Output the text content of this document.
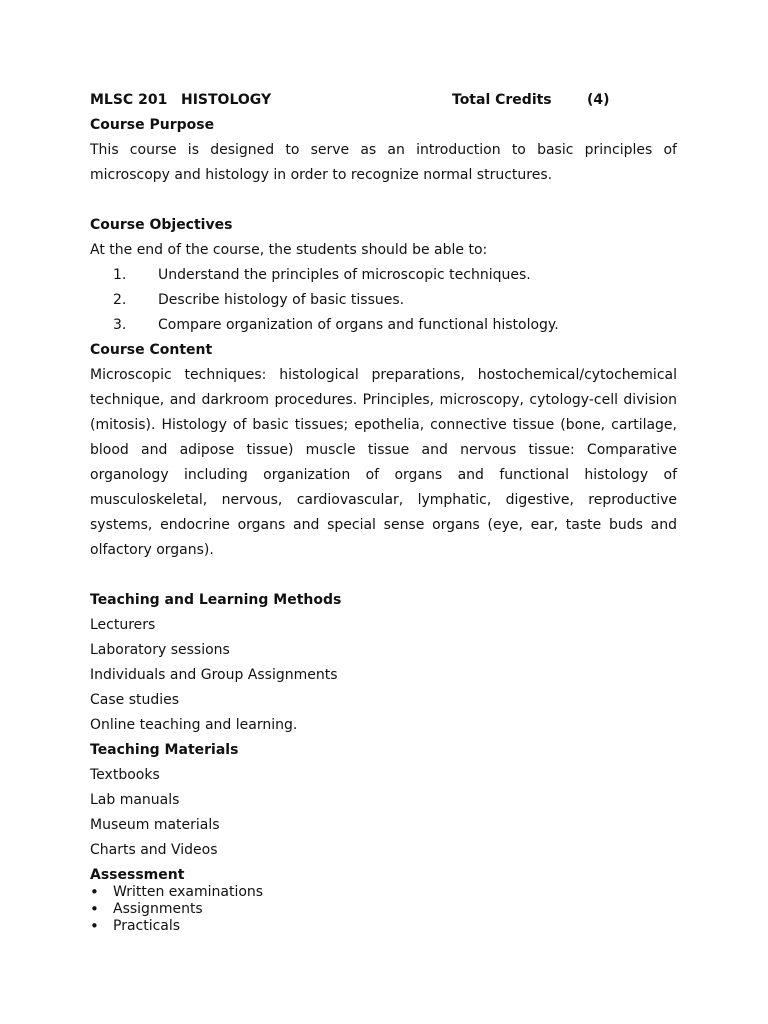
MLSC 201 HISTOLOGY	Total Credits	(4)
Course Purpose
This course is designed to serve as an introduction to basic principles of microscopy and histology in order to recognize normal structures.
Course Objectives
At the end of the course, the students should be able to:
1.	Understand the principles of microscopic techniques.
2.	Describe histology of basic tissues.
3.	Compare organization of organs and functional histology.
Course Content
Microscopic techniques: histological preparations, hostochemical/cytochemical technique, and darkroom procedures. Principles, microscopy, cytology-cell division (mitosis). Histology of basic tissues; epothelia, connective tissue (bone, cartilage, blood and adipose tissue) muscle tissue and nervous tissue: Comparative organology including organization of organs and functional histology of musculoskeletal, nervous, cardiovascular, lymphatic, digestive, reproductive systems, endocrine organs and special sense organs (eye, ear, taste buds and olfactory organs).
Teaching and Learning Methods
Lecturers
Laboratory sessions
Individuals and Group Assignments
Case studies
Online teaching and learning.
Teaching Materials
Textbooks
Lab manuals
Museum materials
Charts and Videos
Assessment
•	Written examinations
•	Assignments
•	Practicals
